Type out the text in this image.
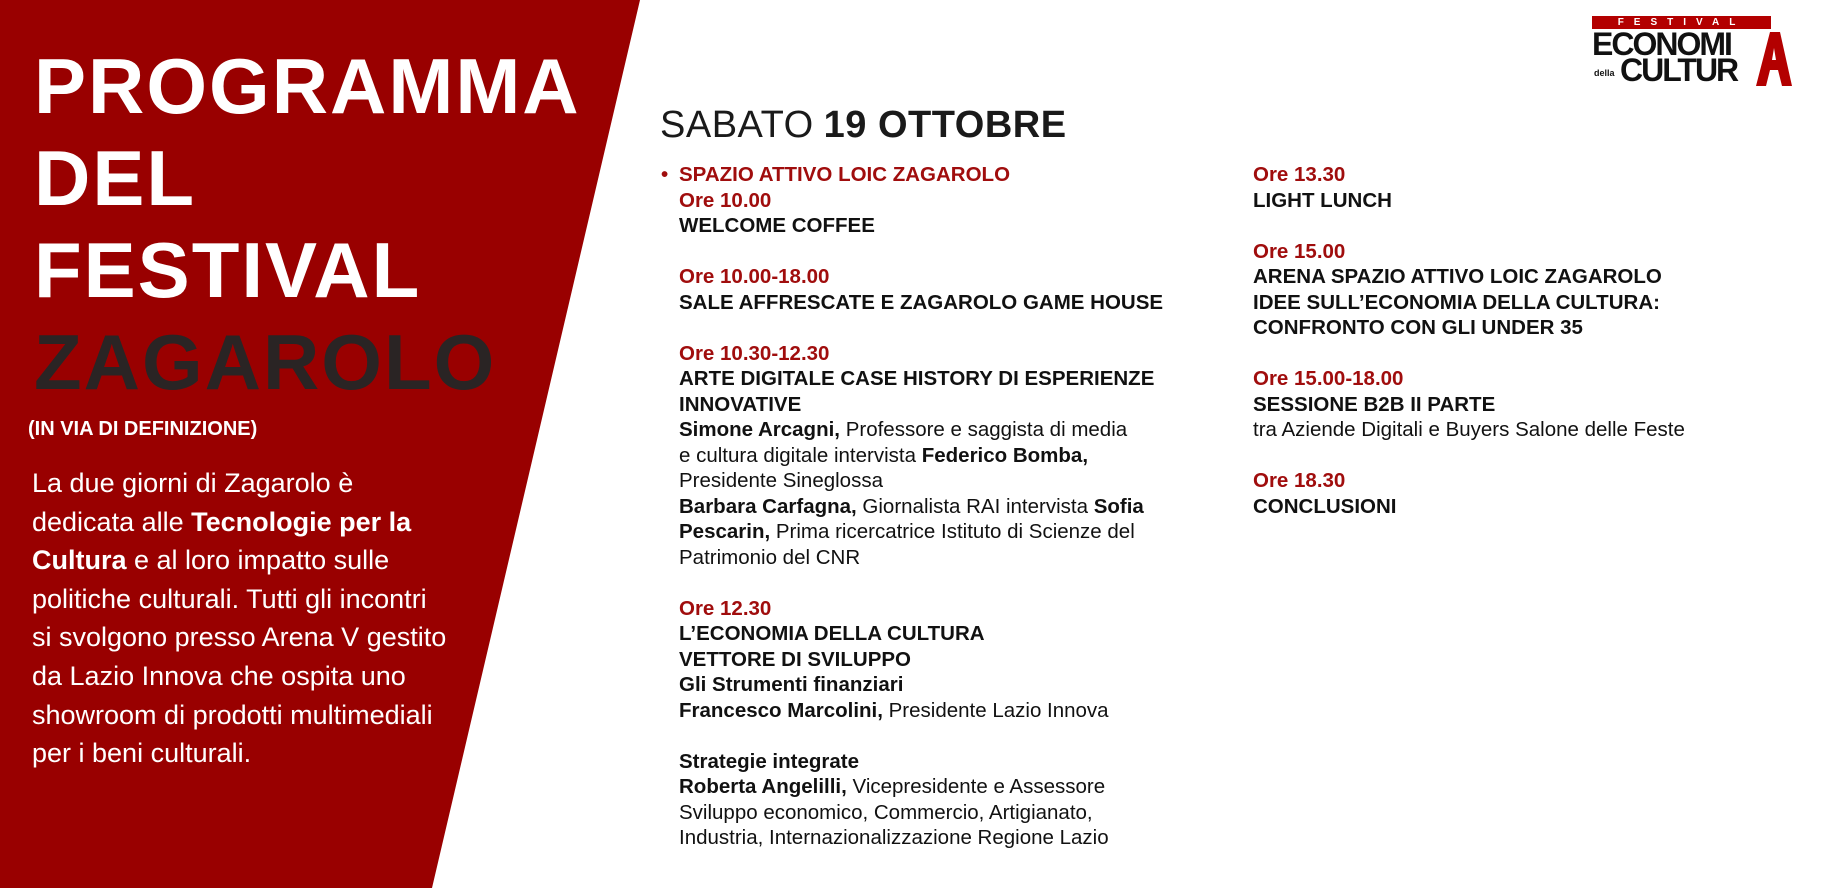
PROGRAMMA
DEL
FESTIVAL
ZAGAROLO

(IN VIA DI DEFINIZIONE)

La due giorni di Zagarolo è dedicata alle Tecnologie per la Cultura e al loro impatto sulle politiche culturali. Tutti gli incontri si svolgono presso Arena V gestito da Lazio Innova che ospita uno showroom di prodotti multimediali per i beni culturali.

FESTIVAL
ECONOMI
della CULTUR
SABATO 19 OTTOBRE
• SPAZIO ATTIVO LOIC ZAGAROLO
Ore 10.00
WELCOME COFFEE
Ore 10.00-18.00
SALE AFFRESCATE E ZAGAROLO GAME HOUSE
Ore 10.30-12.30
ARTE DIGITALE CASE HISTORY DI ESPERIENZE
INNOVATIVE
Simone Arcagni, Professore e saggista di media
e cultura digitale intervista Federico Bomba,
Presidente Sineglossa
Barbara Carfagna, Giornalista RAI intervista Sofia
Pescarin, Prima ricercatrice Istituto di Scienze del
Patrimonio del CNR
Ore 12.30
L’ECONOMIA DELLA CULTURA
VETTORE DI SVILUPPO
Gli Strumenti finanziari
Francesco Marcolini, Presidente Lazio Innova
Strategie integrate
Roberta Angelilli, Vicepresidente e Assessore
Sviluppo economico, Commercio, Artigianato,
Industria, Internazionalizzazione Regione Lazio
Ore 13.30
LIGHT LUNCH
Ore 15.00
ARENA SPAZIO ATTIVO LOIC ZAGAROLO
IDEE SULL’ECONOMIA DELLA CULTURA:
CONFRONTO CON GLI UNDER 35
Ore 15.00-18.00
SESSIONE B2B II PARTE
tra Aziende Digitali e Buyers Salone delle Feste
Ore 18.30
CONCLUSIONI
